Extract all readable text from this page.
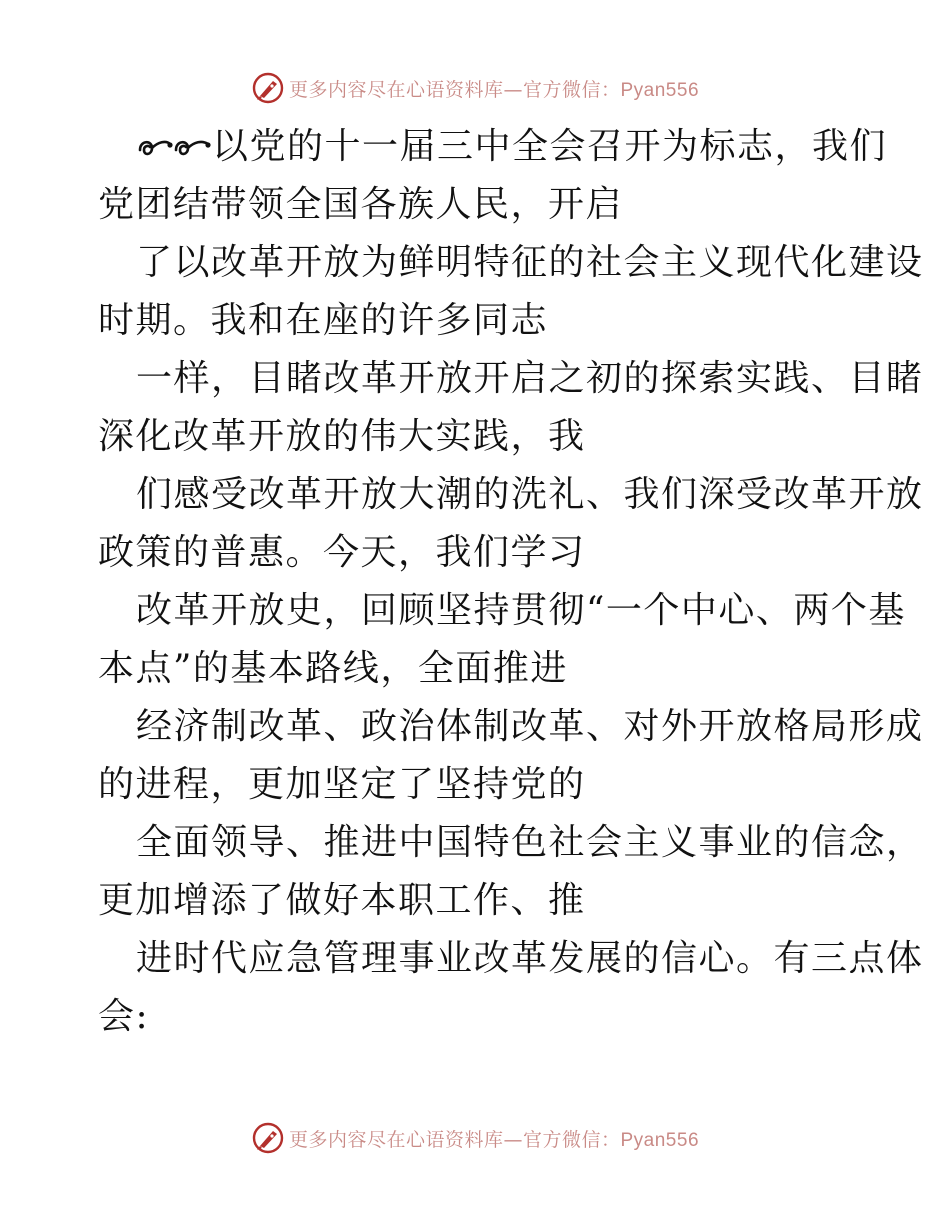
更多内容尽在心语资料库—官方微信：Pyan556
以党的十一届三中全会召开为标志，我们
党团结带领全国各族人民，开启
了以改革开放为鲜明特征的社会主义现代化建设
时期。我和在座的许多同志
一样，目睹改革开放开启之初的探索实践、目睹
深化改革开放的伟大实践，我
们感受改革开放大潮的洗礼、我们深受改革开放
政策的普惠。今天，我们学习
改革开放史，回顾坚持贯彻“一个中心、两个基
本点”的基本路线，全面推进
经济制改革、政治体制改革、对外开放格局形成
的进程，更加坚定了坚持党的
全面领导、推进中国特色社会主义事业的信念，
更加增添了做好本职工作、推
进时代应急管理事业改革发展的信心。有三点体
会:
更多内容尽在心语资料库—官方微信：Pyan556
